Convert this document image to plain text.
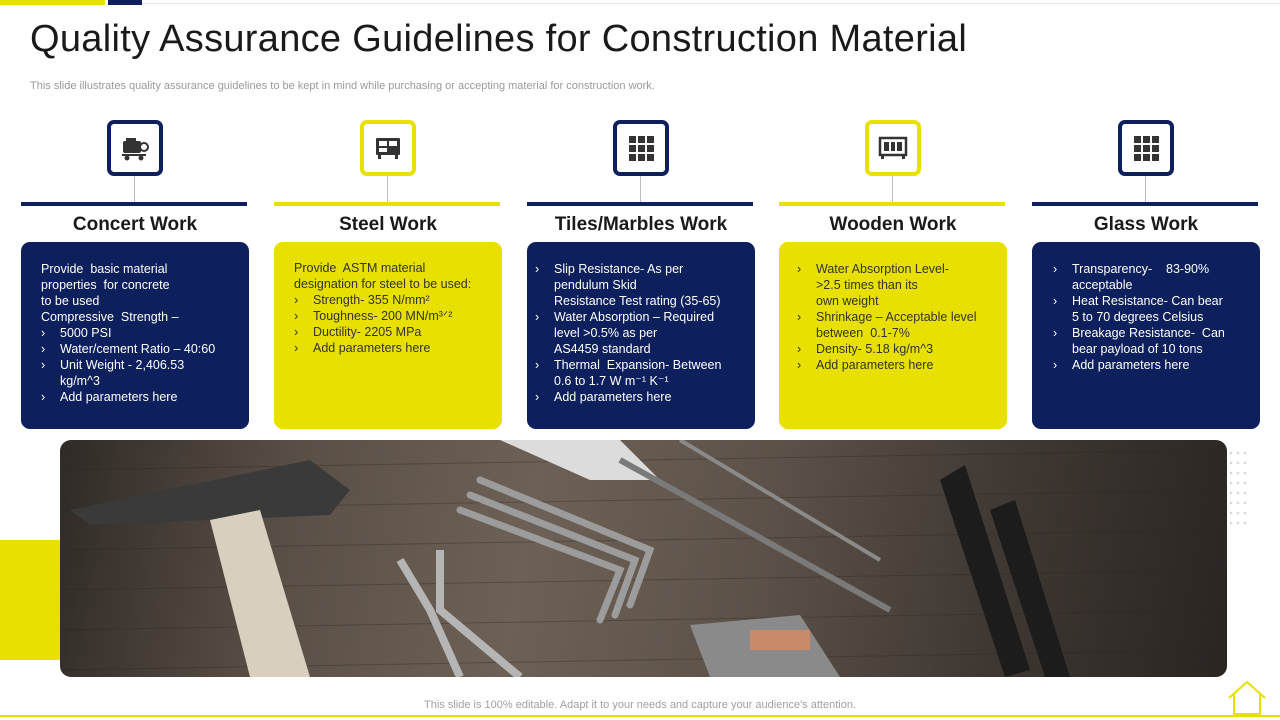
Quality Assurance Guidelines for Construction Material
This slide illustrates quality assurance guidelines to be kept in mind while purchasing or accepting material for construction work.
Concert Work
Provide  basic material
properties  for concrete
to be used
Compressive  Strength –
›	5000 PSI
›	Water/cement Ratio – 40:60
›	Unit Weight - 2,406.53
kg/m^3
›	Add parameters here
Steel Work
Provide  ASTM material
designation for steel to be used:
›	Strength- 355 N/mm²
›	Toughness- 200 MN/m³ᐟ²
›	Ductility- 2205 MPa
›	Add parameters here
Tiles/Marbles Work
›	Slip Resistance- As per
pendulum Skid
Resistance Test rating (35-65)
›	Water Absorption – Required
level >0.5% as per
AS4459 standard
›	Thermal  Expansion- Between
0.6 to 1.7 W m⁻¹ K⁻¹
›	Add parameters here
Wooden Work
›	Water Absorption Level-
>2.5 times than its
own weight
›	Shrinkage – Acceptable level
between  0.1-7%
›	Density- 5.18 kg/m^3
›	Add parameters here
Glass Work
›	Transparency-    83-90%
acceptable
›	Heat Resistance- Can bear
5 to 70 degrees Celsius
›	Breakage Resistance-  Can
bear payload of 10 tons
›	Add parameters here
This slide is 100% editable. Adapt it to your needs and capture your audience's attention.
